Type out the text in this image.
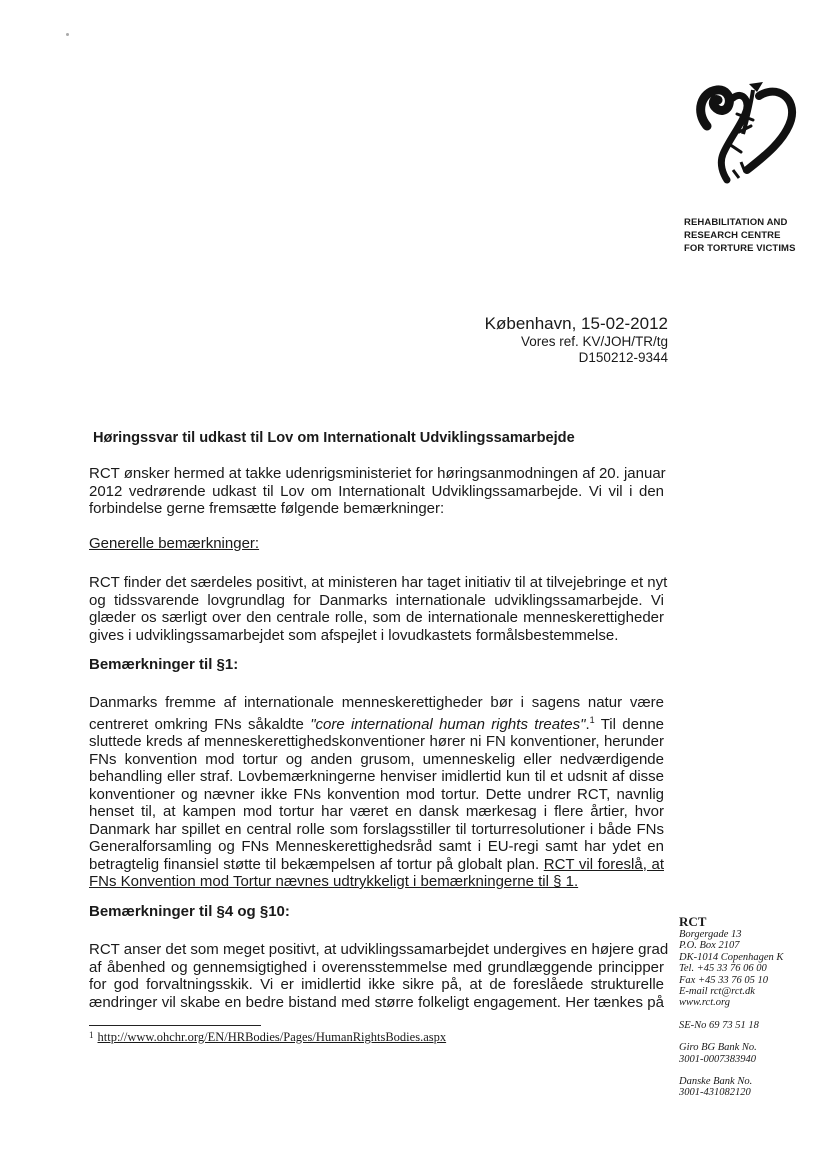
REHABILITATION AND
RESEARCH CENTRE
FOR TORTURE VICTIMS
København, 15-02-2012
Vores ref. KV/JOH/TR/tg
D150212-9344
Høringssvar til udkast til Lov om Internationalt Udviklingssamarbejde
RCT ønsker hermed at takke udenrigsministeriet for høringsanmodningen af 20. januar
2012 vedrørende udkast til Lov om Internationalt Udviklingssamarbejde. Vi vil i den
forbindelse gerne fremsætte følgende bemærkninger:
Generelle bemærkninger:
RCT finder det særdeles positivt, at ministeren har taget initiativ til at tilvejebringe et nyt
og tidssvarende lovgrundlag for Danmarks internationale udviklingssamarbejde. Vi
glæder os særligt over den centrale rolle, som de internationale menneskerettigheder
gives i udviklingssamarbejdet som afspejlet i lovudkastets formålsbestemmelse.
Bemærkninger til §1:
Danmarks fremme af internationale menneskerettigheder bør i sagens natur være
centreret omkring FNs såkaldte "core international human rights treates".$^1$ Til denne
sluttede kreds af menneskerettighedskonventioner hører ni FN konventioner, herunder
FNs konvention mod tortur og anden grusom, umenneskelig eller nedværdigende
behandling eller straf. Lovbemærkningerne henviser imidlertid kun til et udsnit af disse
konventioner og nævner ikke FNs konvention mod tortur. Dette undrer RCT, navnlig
henset til, at kampen mod tortur har været en dansk mærkesag i flere årtier, hvor
Danmark har spillet en central rolle som forslagsstiller til torturresolutioner i både FNs
Generalforsamling og FNs Menneskerettighedsråd samt i EU-regi samt har ydet en
betragtelig finansiel støtte til bekæmpelsen af tortur på globalt plan. RCT vil foreslå, at
FNs Konvention mod Tortur nævnes udtrykkeligt i bemærkningerne til § 1.
Bemærkninger til §4 og §10:
RCT anser det som meget positivt, at udviklingssamarbejdet undergives en højere grad
af åbenhed og gennemsigtighed i overensstemmelse med grundlæggende principper
for god forvaltningsskik. Vi er imidlertid ikke sikre på, at de foreslåede strukturelle
ændringer vil skabe en bedre bistand med større folkeligt engagement. Her tænkes på
$^1$ http://www.ohchr.org/EN/HRBodies/Pages/HumanRightsBodies.aspx
RCT
Borgergade 13
P.O. Box 2107
DK-1014 Copenhagen K
Tel. +45 33 76 06 00
Fax +45 33 76 05 10
E-mail rct@rct.dk
www.rct.org
SE-No 69 73 51 18
Giro BG Bank No.
3001-0007383940
Danske Bank No.
3001-431082120
